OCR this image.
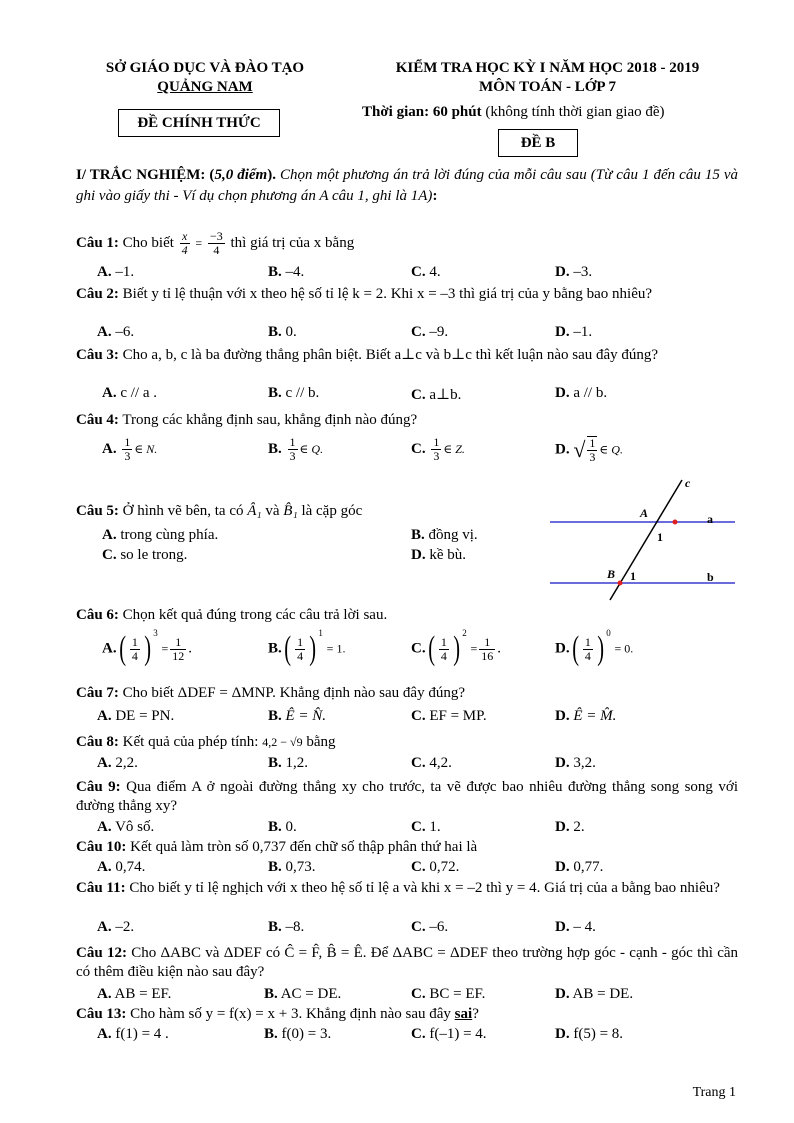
SỞ GIÁO DỤC VÀ ĐÀO TẠO
QUẢNG NAM
ĐỀ CHÍNH THỨC
KIỂM TRA HỌC KỲ I NĂM HỌC 2018 - 2019
MÔN TOÁN - LỚP 7
Thời gian: 60 phút (không tính thời gian giao đề)
ĐỀ B
I/ TRẮC NGHIỆM: (5,0 điểm). Chọn một phương án trả lời đúng của mỗi câu sau (Từ câu 1 đến câu 15 và ghi vào giấy thi - Ví dụ chọn phương án A câu 1, ghi là 1A):
Câu 1: Cho biết $\frac{x}{4} = \frac{-3}{4}$ thì giá trị của x bằng
A. –1.	B. –4.	C. 4.	D. –3.
Câu 2: Biết y tỉ lệ thuận với x theo hệ số tỉ lệ k = 2. Khi x = –3 thì giá trị của y bằng bao nhiêu?
A. –6.	B. 0.	C. –9.	D. –1.
Câu 3: Cho a, b, c là ba đường thẳng phân biệt. Biết a⊥c và b⊥c thì kết luận nào sau đây đúng?
A. c // a .	B. c // b.	C. a⊥b.	D. a // b.
Câu 4: Trong các khẳng định sau, khẳng định nào đúng?
A. $\frac{1}{3}$ ∈ N.	B. $\frac{1}{3}$ ∈ Q.	C. $\frac{1}{3}$ ∈ Z.	D. √ $\frac{1}{3}$ ∈ Q.
Câu 5: Ở hình vẽ bên, ta có Â₁ và B̂₁ là cặp góc
A. trong cùng phía.	B. đồng vị.
C. so le trong.	D. kề bù.
c
A	a
1
B 1	b
Câu 6: Chọn kết quả đúng trong các câu trả lời sau.
$A.( \frac{1}{4}$ ) $^3 = \frac{1}{12}$ .	$B.( \frac{1}{4}$ ) $^1$ = 1.	$C.( \frac{1}{4}$ ) $^2 = \frac{1}{16}$ .	$D.( \frac{1}{4}$ ) $^0$ = 0.
Câu 7: Cho biết ΔDEF = ΔMNP. Khẳng định nào sau đây đúng?
A. DE = PN.	B. Ê = N̂.	C. EF = MP.	D. Ê = M̂.
Câu 8: Kết quả của phép tính: 4,2 − √9 bằng
A. 2,2.	B. 1,2.	C. 4,2.	D. 3,2.
Câu 9: Qua điểm A ở ngoài đường thẳng xy cho trước, ta vẽ được bao nhiêu đường thẳng song song với đường thẳng xy?
A. Vô số.	B. 0.	C. 1.	D. 2.
Câu 10: Kết quả làm tròn số 0,737 đến chữ số thập phân thứ hai là
A. 0,74.	B. 0,73.	C. 0,72.	D. 0,77.
Câu 11: Cho biết y tỉ lệ nghịch với x theo hệ số tỉ lệ a và khi x = –2 thì y = 4. Giá trị của a bằng bao nhiêu?
A. –2.	B. –8.	C. –6.	D. – 4.
Câu 12: Cho ΔABC và ΔDEF có Ĉ = F̂, B̂ = Ê. Để ΔABC = ΔDEF theo trường hợp góc - cạnh - góc thì cần có thêm điều kiện nào sau đây?
A. AB = EF.	B. AC = DE.	C. BC = EF.	D. AB = DE.
Câu 13: Cho hàm số y = f(x) = x + 3. Khẳng định nào sau đây sai?
A. f(1) = 4 .	B. f(0) = 3.	C. f(–1) = 4.	D. f(5) = 8.
Trang 1
